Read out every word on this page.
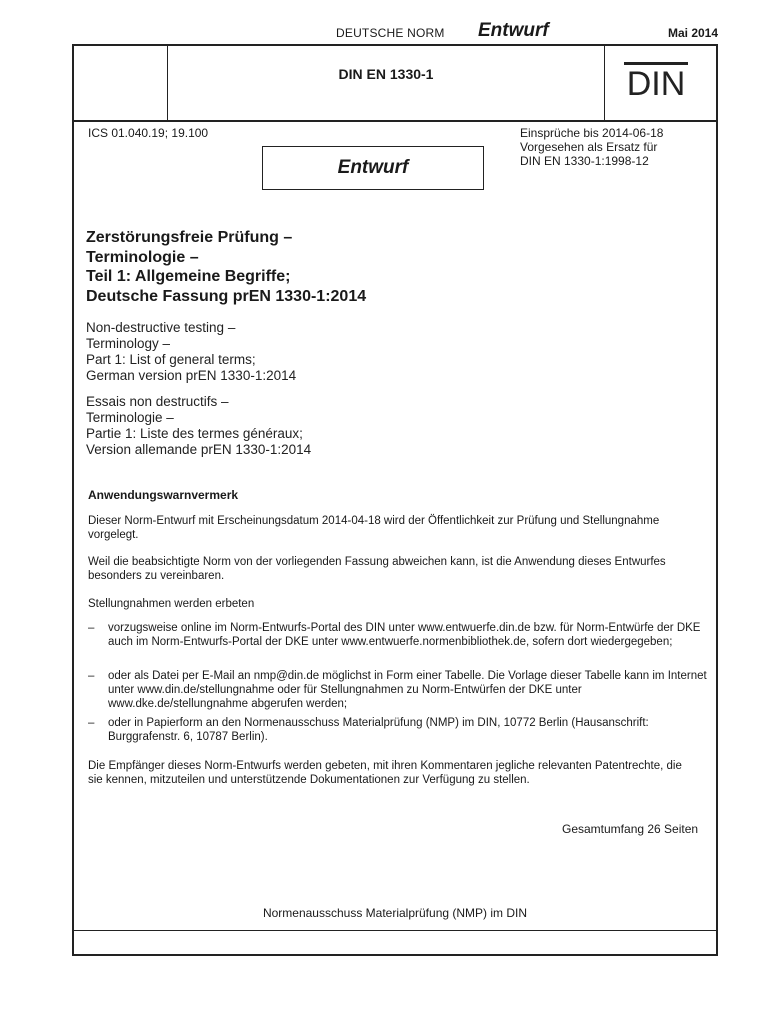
DEUTSCHE NORM Entwurf	Mai 2014
DIN EN 1330-1	DIN
ICS 01.040.19; 19.100	Einsprüche bis 2014-06-18
Vorgesehen als Ersatz für
DIN EN 1330-1:1998-12
Entwurf
Zerstörungsfreie Prüfung –
Terminologie –
Teil 1: Allgemeine Begriffe;
Deutsche Fassung prEN 1330-1:2014
Non-destructive testing –
Terminology –
Part 1: List of general terms;
German version prEN 1330-1:2014
Essais non destructifs –
Terminologie –
Partie 1: Liste des termes généraux;
Version allemande prEN 1330-1:2014
Anwendungswarnvermerk
Dieser Norm-Entwurf mit Erscheinungsdatum 2014-04-18 wird der Öffentlichkeit zur Prüfung und Stellungnahme vorgelegt.
Weil die beabsichtigte Norm von der vorliegenden Fassung abweichen kann, ist die Anwendung dieses Entwurfes besonders zu vereinbaren.
Stellungnahmen werden erbeten
– vorzugsweise online im Norm-Entwurfs-Portal des DIN unter www.entwuerfe.din.de bzw. für Norm-Entwürfe der DKE auch im Norm-Entwurfs-Portal der DKE unter www.entwuerfe.normenbibliothek.de, sofern dort wiedergegeben;
– oder als Datei per E-Mail an nmp@din.de möglichst in Form einer Tabelle. Die Vorlage dieser Tabelle kann im Internet unter www.din.de/stellungnahme oder für Stellungnahmen zu Norm-Entwürfen der DKE unter www.dke.de/stellungnahme abgerufen werden;
– oder in Papierform an den Normenausschuss Materialprüfung (NMP) im DIN, 10772 Berlin (Hausanschrift: Burggrafenstr. 6, 10787 Berlin).
Die Empfänger dieses Norm-Entwurfs werden gebeten, mit ihren Kommentaren jegliche relevanten Patentrechte, die sie kennen, mitzuteilen und unterstützende Dokumentationen zur Verfügung zu stellen.
Gesamtumfang 26 Seiten
Normenausschuss Materialprüfung (NMP) im DIN
